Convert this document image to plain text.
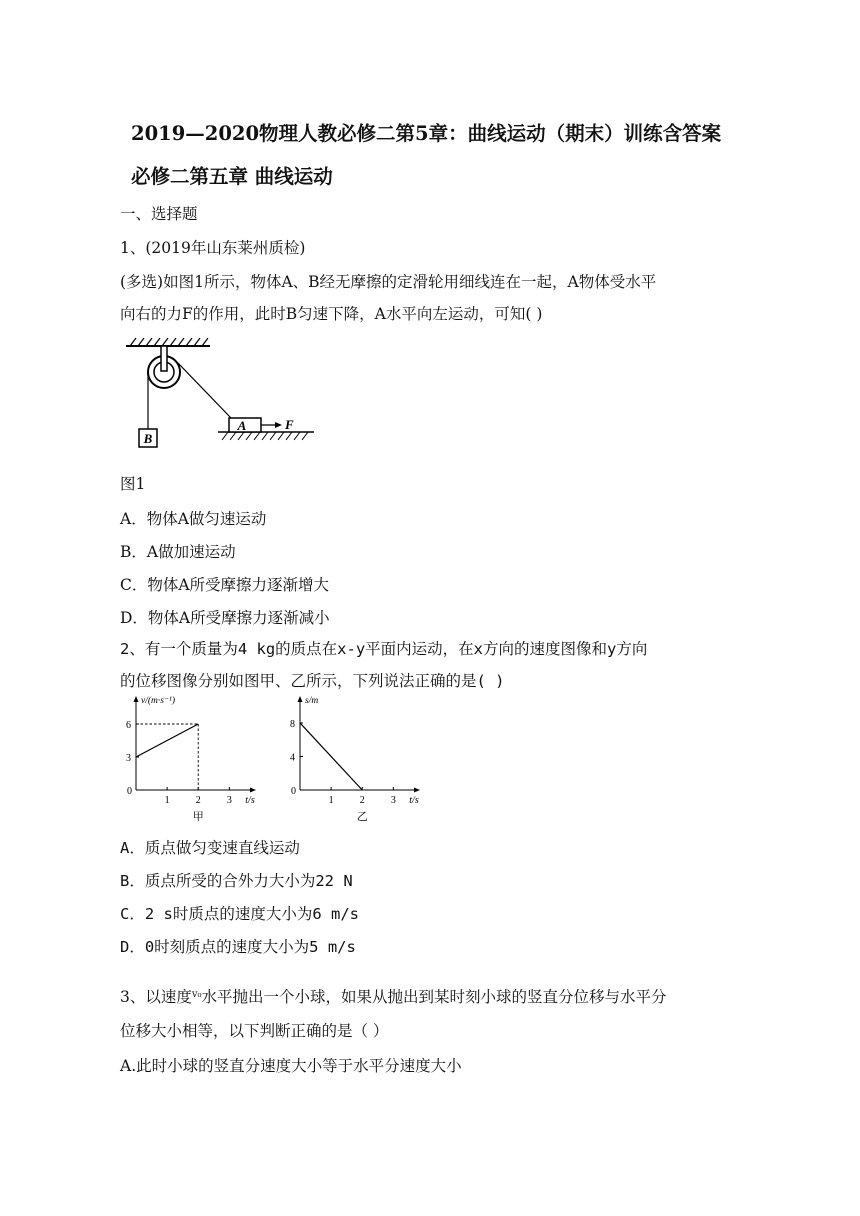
2019—2020物理人教必修二第5章：曲线运动（期末）训练含答案
必修二第五章 曲线运动
一、选择题
1、(2019年山东莱州质检)
(多选)如图1所示，物体A、B经无摩擦的定滑轮用细线连在一起，A物体受水平
向右的力F的作用，此时B匀速下降，A水平向左运动，可知( )
B
A	F
图1
A．物体A做匀速运动
B．A做加速运动
C．物体A所受摩擦力逐渐增大
D．物体A所受摩擦力逐渐减小
2、有一个质量为4 kg的质点在x-y平面内运动，在x方向的速度图像和y方向
的位移图像分别如图甲、乙所示，下列说法正确的是( )
0
1	2	3
3
6
t/s
v/(m·s⁻¹)
甲
0
1	2	3
4
8
t/s
s/m
乙
A．质点做匀变速直线运动
B．质点所受的合外力大小为22 N
C．2 s时质点的速度大小为6 m/s
D．0时刻质点的速度大小为5 m/s
3、以速度$^{v_0}$水平抛出一个小球，如果从抛出到某时刻小球的竖直分位移与水平分
位移大小相等，以下判断正确的是（ ）
A.此时小球的竖直分速度大小等于水平分速度大小
